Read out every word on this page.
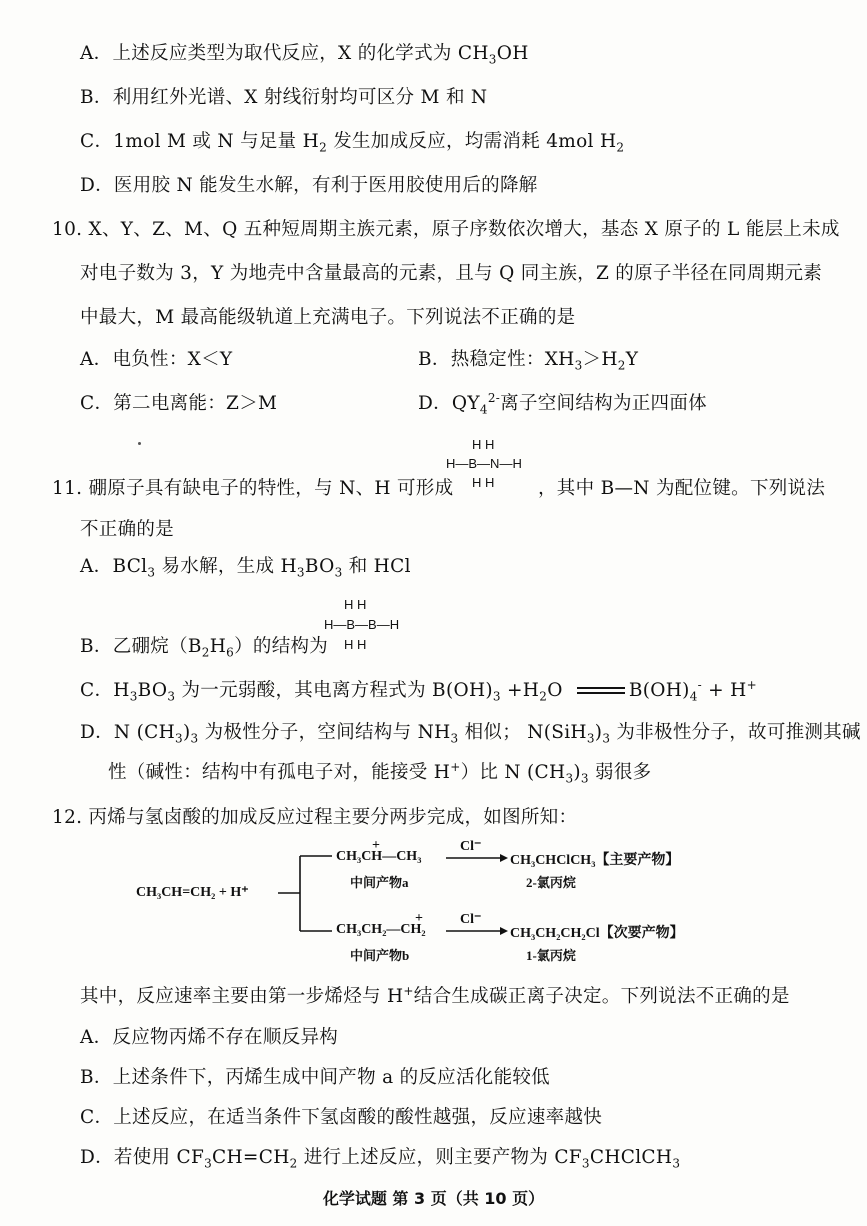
A．上述反应类型为取代反应，X 的化学式为 $CH_3OH$
B．利用红外光谱、X 射线衍射均可区分 M 和 N
C．1mol M 或 N 与足量 $H_2$ 发生加成反应，均需消耗 4mol $H_2$
D．医用胶 N 能发生水解，有利于医用胶使用后的降解
10. X、Y、Z、M、Q 五种短周期主族元素，原子序数依次增大，基态 X 原子的 L 能层上未成
对电子数为 3，Y 为地壳中含量最高的元素，且与 Q 同主族，Z 的原子半径在同周期元素
中最大，M 最高能级轨道上充满电子。下列说法不正确的是
A．电负性：X＜Y	B．热稳定性：$XH_3>H_2Y$
C．第二电离能：Z＞M	D．$QY_4^{2-}$离子空间结构为正四面体
11. 硼原子具有缺电子的特性，与 N、H 可形成
H H
H—B—N—H
H H ，其中 B—N 为配位键。下列说法
不正确的是
A．BCl$_3$ 易水解，生成 $H_3BO_3$ 和 HCl
B．乙硼烷$(B_2H_6)$的结构为
H H
H—B—B—H
H H
C．$H_3BO_3$ 为一元弱酸，其电离方程式为 $B(OH)_3 +H_2O$	$B(OH)_4^- + H^+$
D．N $(CH_3)_3$ 为极性分子，空间结构与 $NH_3$ 相似； $N(SiH_3)_3$ 为非极性分子，故可推测其碱
性（碱性：结构中有孤电子对，能接受 H+）比 N $(CH_3)_3$ 弱很多
12. 丙烯与氢卤酸的加成反应过程主要分两步完成，如图所知：
CH₃CH=CH₂ + H⁺
CH₃CH—CH₃
+
中间产物a
Cl⁻
CH₃CHClCH₃【主要产物】
2-氯丙烷
CH₃CH₂—CH₂
+
中间产物b
Cl⁻
CH₃CH₂CH₂Cl【次要产物】
1-氯丙烷
其中，反应速率主要由第一步烯烃与 H+结合生成碳正离子决定。下列说法不正确的是
A．反应物丙烯不存在顺反异构
B．上述条件下，丙烯生成中间产物 a 的反应活化能较低
C．上述反应，在适当条件下氢卤酸的酸性越强，反应速率越快
D．若使用 $CF_3CH=CH_2$ 进行上述反应，则主要产物为 $CF_3CHClCH_3$
化学试题 第 3 页（共 10 页）
